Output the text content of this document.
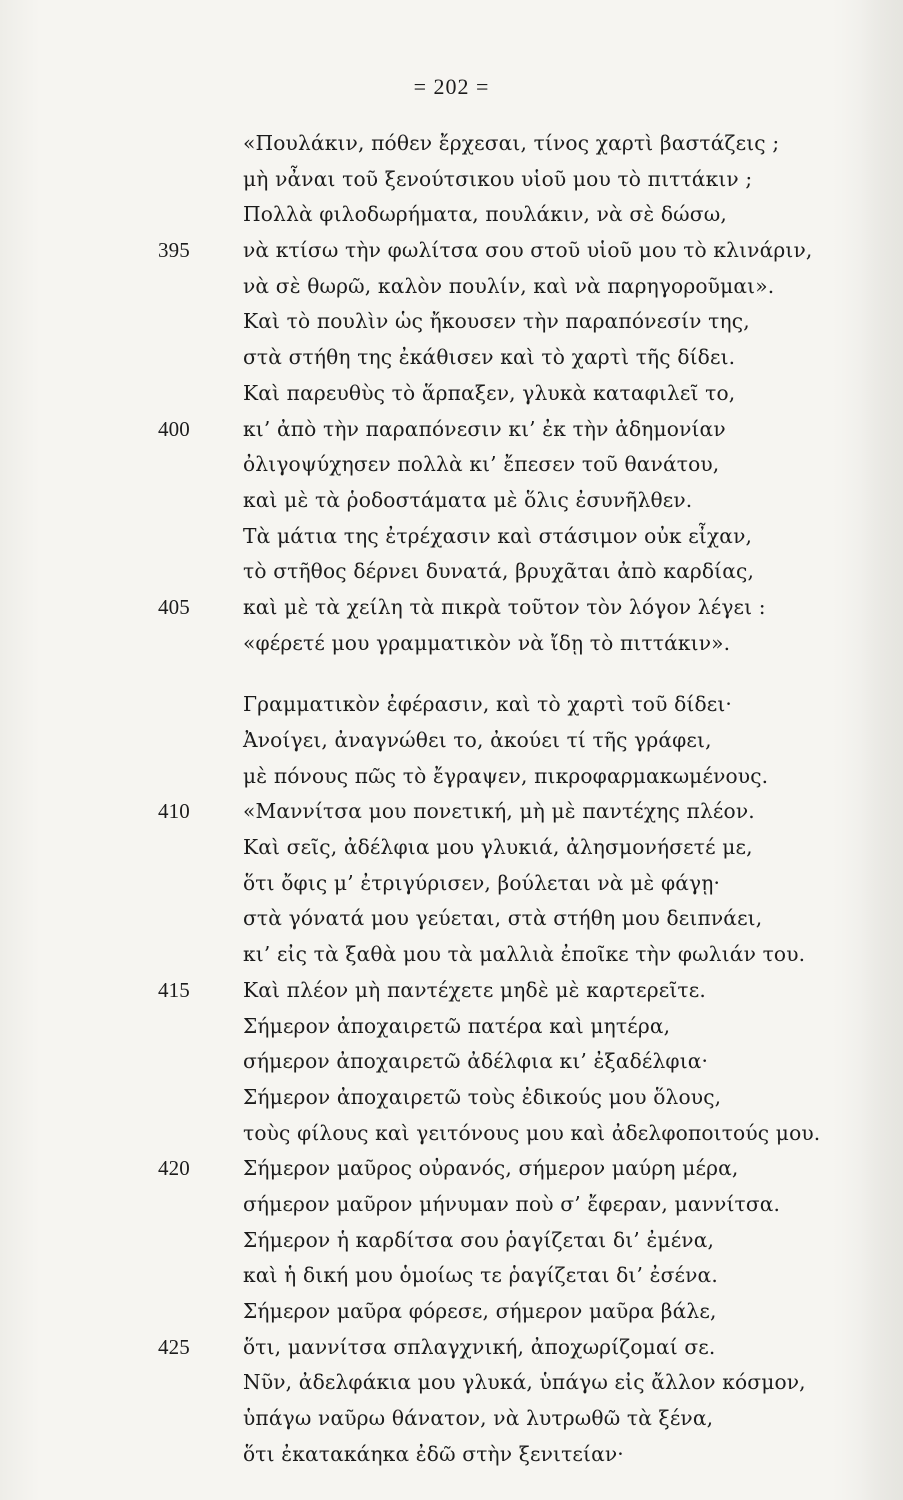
= 202 =
«Πουλάκιν, πόθεν ἔρχεσαι, τίνος χαρτὶ βαστάζεις ;
μὴ νἆναι τοῦ ξενούτσικου υἱοῦ μου τὸ πιττάκιν ;
Πολλὰ φιλοδωρήματα, πουλάκιν, νὰ σὲ δώσω,
395	νὰ κτίσω τὴν φωλίτσα σου στοῦ υἱοῦ μου τὸ κλινάριν,
νὰ σὲ θωρῶ, καλὸν πουλίν, καὶ νὰ παρηγοροῦμαι».
Καὶ τὸ πουλὶν ὡς ἤκουσεν τὴν παραπόνεσίν της,
στὰ στήθη της ἐκάθισεν καὶ τὸ χαρτὶ τῆς δίδει.
Καὶ παρευθὺς τὸ ἅρπαξεν, γλυκὰ καταφιλεῖ το,
400	κι’ ἀπὸ τὴν παραπόνεσιν κι’ ἐκ τὴν ἀδημονίαν
ὀλιγοψύχησεν πολλὰ κι’ ἔπεσεν τοῦ θανάτου,
καὶ μὲ τὰ ῥοδοστάματα μὲ ὅλις ἐσυνῆλθεν.
Τὰ μάτια της ἐτρέχασιν καὶ στάσιμον οὐκ εἶχαν,
τὸ στῆθος δέρνει δυνατά, βρυχᾶται ἀπὸ καρδίας,
405	καὶ μὲ τὰ χείλη τὰ πικρὰ τοῦτον τὸν λόγον λέγει :
«φέρετέ μου γραμματικὸν νὰ ἴδῃ τὸ πιττάκιν».
Γραμματικὸν ἐφέρασιν, καὶ τὸ χαρτὶ τοῦ δίδει·
Ἀνοίγει, ἀναγνώθει το, ἀκούει τί τῆς γράφει,
μὲ πόνους πῶς τὸ ἔγραψεν, πικροφαρμακωμένους.
410	«Μαννίτσα μου πονετική, μὴ μὲ παντέχης πλέον.
Καὶ σεῖς, ἀδέλφια μου γλυκιά, ἀλησμονήσετέ με,
ὅτι ὄφις μ’ ἐτριγύρισεν, βούλεται νὰ μὲ φάγῃ·
στὰ γόνατά μου γεύεται, στὰ στήθη μου δειπνάει,
κι’ εἰς τὰ ξαθὰ μου τὰ μαλλιὰ ἐποῖκε τὴν φωλιάν του.
415	Καὶ πλέον μὴ παντέχετε μηδὲ μὲ καρτερεῖτε.
Σήμερον ἀποχαιρετῶ πατέρα καὶ μητέρα,
σήμερον ἀποχαιρετῶ ἀδέλφια κι’ ἐξαδέλφια·
Σήμερον ἀποχαιρετῶ τοὺς ἐδικούς μου ὅλους,
τοὺς φίλους καὶ γειτόνους μου καὶ ἀδελφοποιτούς μου.
420	Σήμερον μαῦρος οὐρανός, σήμερον μαύρη μέρα,
σήμερον μαῦρον μήνυμαν ποὺ σ’ ἔφεραν, μαννίτσα.
Σήμερον ἡ καρδίτσα σου ῥαγίζεται δι’ ἐμένα,
καὶ ἡ δική μου ὁμοίως τε ῥαγίζεται δι’ ἐσένα.
Σήμερον μαῦρα φόρεσε, σήμερον μαῦρα βάλε,
425	ὅτι, μαννίτσα σπλαγχνική, ἀποχωρίζομαί σε.
Νῦν, ἀδελφάκια μου γλυκά, ὑπάγω εἰς ἄλλον κόσμον,
ὑπάγω ναῦρω θάνατον, νὰ λυτρωθῶ τὰ ξένα,
ὅτι ἐκατακάηκα ἐδῶ στὴν ξενιτείαν·
